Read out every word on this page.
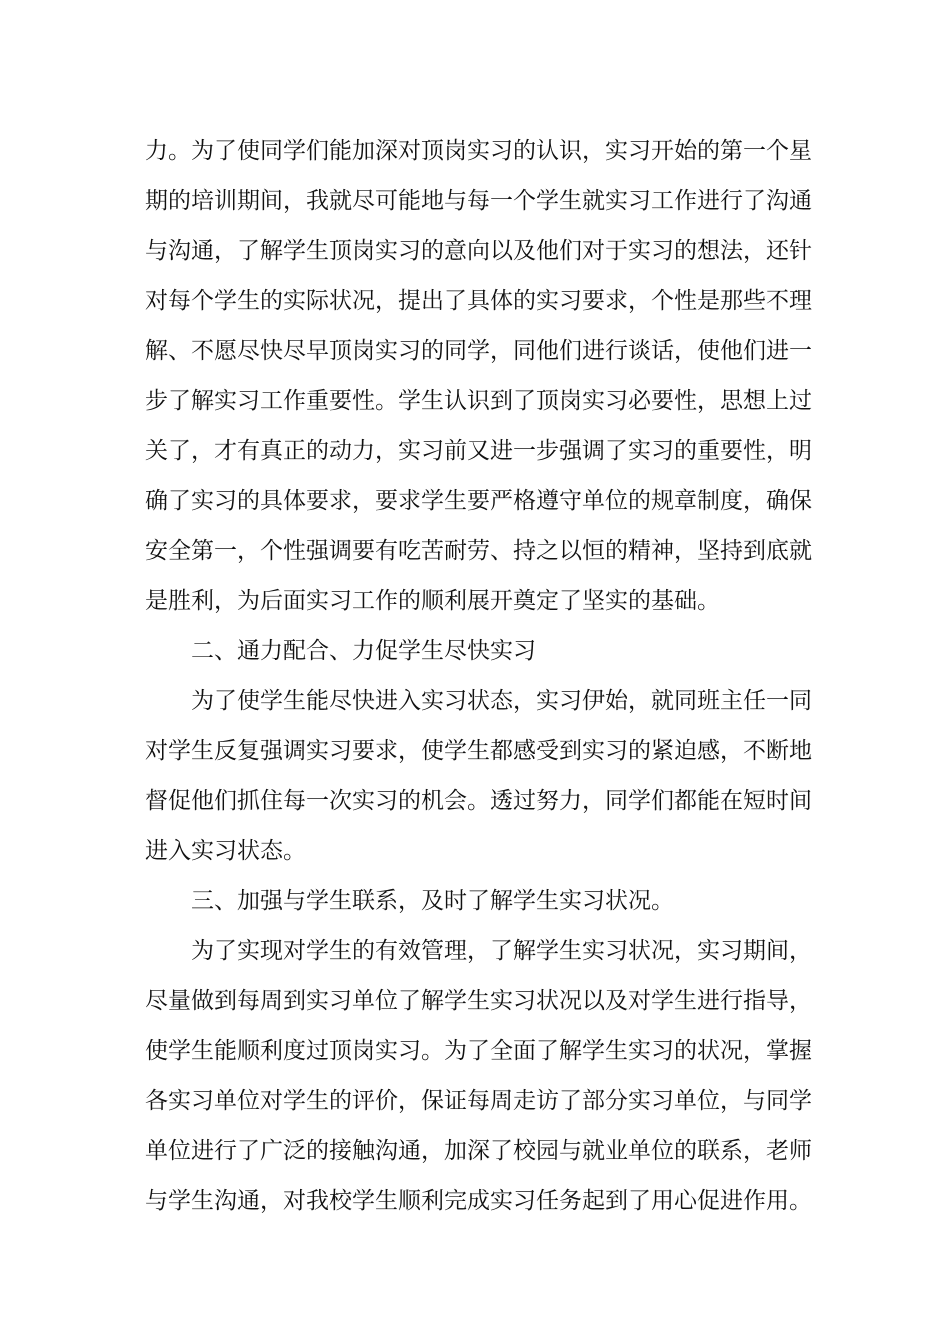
力。为了使同学们能加深对顶岗实习的认识，实习开始的第一个星
期的培训期间，我就尽可能地与每一个学生就实习工作进行了沟通
与沟通，了解学生顶岗实习的意向以及他们对于实习的想法，还针
对每个学生的实际状况，提出了具体的实习要求，个性是那些不理
解、不愿尽快尽早顶岗实习的同学，同他们进行谈话，使他们进一
步了解实习工作重要性。学生认识到了顶岗实习必要性，思想上过
关了，才有真正的动力，实习前又进一步强调了实习的重要性，明
确了实习的具体要求，要求学生要严格遵守单位的规章制度，确保
安全第一，个性强调要有吃苦耐劳、持之以恒的精神，坚持到底就
是胜利，为后面实习工作的顺利展开奠定了坚实的基础。
二、通力配合、力促学生尽快实习
为了使学生能尽快进入实习状态，实习伊始，就同班主任一同
对学生反复强调实习要求，使学生都感受到实习的紧迫感，不断地
督促他们抓住每一次实习的机会。透过努力，同学们都能在短时间
进入实习状态。
三、加强与学生联系，及时了解学生实习状况。
为了实现对学生的有效管理，了解学生实习状况，实习期间，
尽量做到每周到实习单位了解学生实习状况以及对学生进行指导，
使学生能顺利度过顶岗实习。为了全面了解学生实习的状况，掌握
各实习单位对学生的评价，保证每周走访了部分实习单位，与同学
单位进行了广泛的接触沟通，加深了校园与就业单位的联系，老师
与学生沟通，对我校学生顺利完成实习任务起到了用心促进作用。
